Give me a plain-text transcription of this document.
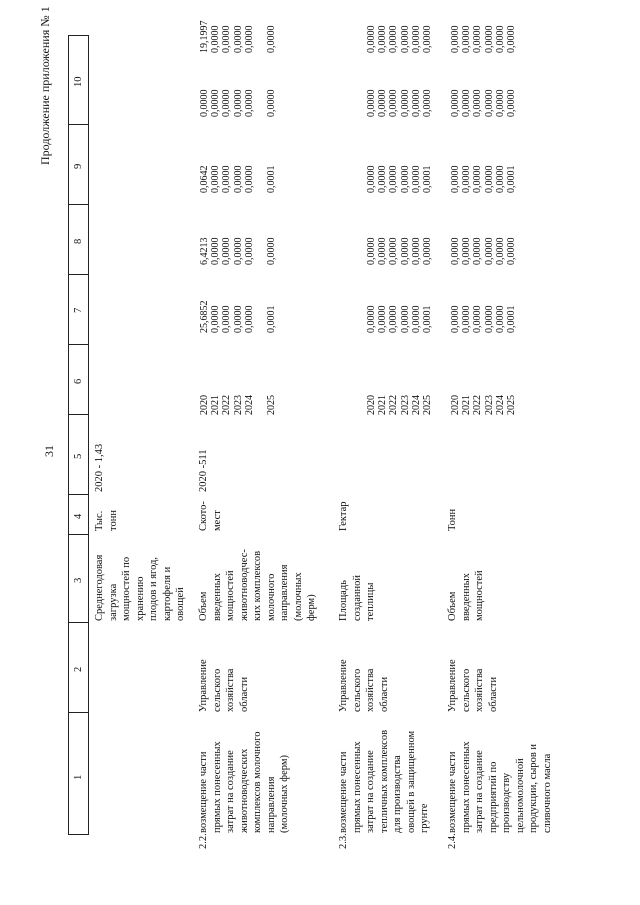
31
Продолжение приложения № 1
1
2
3
4
5
6
7
8
9
10
Среднегодовая
загрузка
мощностей по
хранению
плодов и ягод,
картофеля и
овощей
Тыс.
тонн
2020 - 1,43
2.2.
возмещение части
прямых понесенных
затрат на создание
животноводческих
комплексов молочного
направления
(молочных ферм)
Управление
сельского
хозяйства
области
Объем
введенных
мощностей
животноводчес-
ких комплексов
молочного
направления
(молочных
ферм)
Ското-
мест
2020 -511
2020
2021
2022
2023
2024

2025
25,6852
0,0000
0,0000
0,0000
0,0000

0,0001
6,4213
0,0000
0,0000
0,0000
0,0000

0,0000
0,0642
0,0000
0,0000
0,0000
0,0000

0,0001
0,0000
0,0000
0,0000
0,0000
0,0000

0,0000
19,1997
0,0000
0,0000
0,0000
0,0000

0,0000
2.3.
возмещение части
прямых понесенных
затрат на создание
тепличных комплексов
для производства
овощей в защищенном
грунте
Управление
сельского
хозяйства
области
Площадь
созданной
теплицы
Гектар
2020
2021
2022
2023
2024
2025
0,0000
0,0000
0,0000
0,0000
0,0000
0,0001
0,0000
0,0000
0,0000
0,0000
0,0000
0,0000
0,0000
0,0000
0,0000
0,0000
0,0000
0,0001
0,0000
0,0000
0,0000
0,0000
0,0000
0,0000
0,0000
0,0000
0,0000
0,0000
0,0000
0,0000
2.4.
возмещение части
прямых понесенных
затрат на создание
предприятий по
производству
цельномолочной
продукции, сыров и
сливочного масла
Управление
сельского
хозяйства
области
Объем
введенных
мощностей
Тонн
2020
2021
2022
2023
2024
2025
0,0000
0,0000
0,0000
0,0000
0,0000
0,0001
0,0000
0,0000
0,0000
0,0000
0,0000
0,0000
0,0000
0,0000
0,0000
0,0000
0,0000
0,0001
0,0000
0,0000
0,0000
0,0000
0,0000
0,0000
0,0000
0,0000
0,0000
0,0000
0,0000
0,0000
